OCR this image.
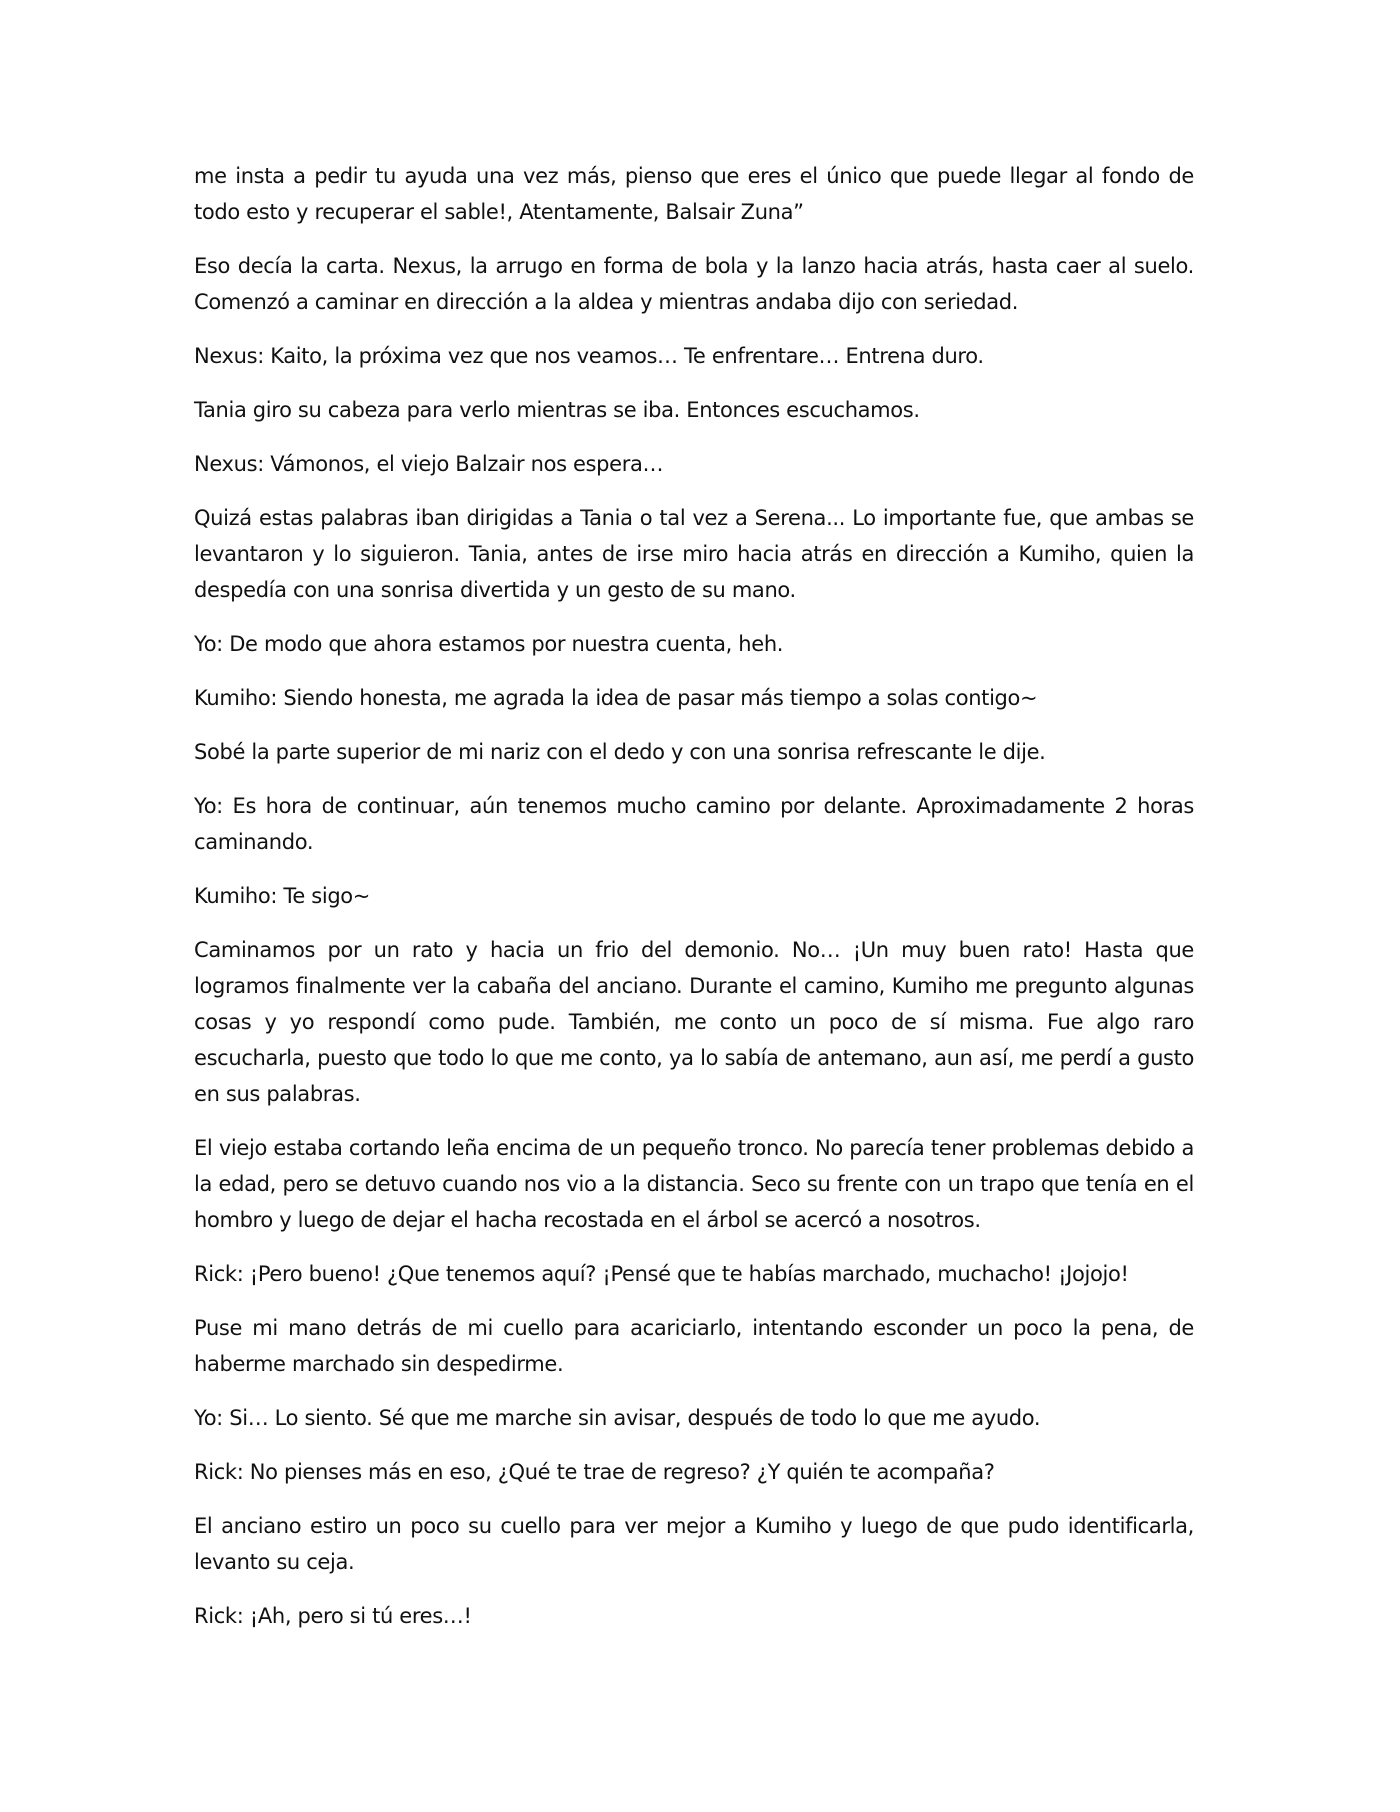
me insta a pedir tu ayuda una vez más, pienso que eres el único que puede llegar al fondo de todo esto y recuperar el sable!, Atentamente, Balsair Zuna”

Eso decía la carta. Nexus, la arrugo en forma de bola y la lanzo hacia atrás, hasta caer al suelo. Comenzó a caminar en dirección a la aldea y mientras andaba dijo con seriedad.

Nexus: Kaito, la próxima vez que nos veamos… Te enfrentare… Entrena duro.

Tania giro su cabeza para verlo mientras se iba. Entonces escuchamos.

Nexus: Vámonos, el viejo Balzair nos espera…

Quizá estas palabras iban dirigidas a Tania o tal vez a Serena... Lo importante fue, que ambas se levantaron y lo siguieron. Tania, antes de irse miro hacia atrás en dirección a Kumiho, quien la despedía con una sonrisa divertida y un gesto de su mano.

Yo: De modo que ahora estamos por nuestra cuenta, heh.

Kumiho: Siendo honesta, me agrada la idea de pasar más tiempo a solas contigo~

Sobé la parte superior de mi nariz con el dedo y con una sonrisa refrescante le dije.

Yo: Es hora de continuar, aún tenemos mucho camino por delante. Aproximadamente 2 horas caminando.

Kumiho: Te sigo~

Caminamos por un rato y hacia un frio del demonio. No… ¡Un muy buen rato! Hasta que logramos finalmente ver la cabaña del anciano. Durante el camino, Kumiho me pregunto algunas cosas y yo respondí como pude. También, me conto un poco de sí misma. Fue algo raro escucharla, puesto que todo lo que me conto, ya lo sabía de antemano, aun así, me perdí a gusto en sus palabras.

El viejo estaba cortando leña encima de un pequeño tronco. No parecía tener problemas debido a la edad, pero se detuvo cuando nos vio a la distancia. Seco su frente con un trapo que tenía en el hombro y luego de dejar el hacha recostada en el árbol se acercó a nosotros.

Rick: ¡Pero bueno! ¿Que tenemos aquí? ¡Pensé que te habías marchado, muchacho! ¡Jojojo!

Puse mi mano detrás de mi cuello para acariciarlo, intentando esconder un poco la pena, de haberme marchado sin despedirme.

Yo: Si… Lo siento. Sé que me marche sin avisar, después de todo lo que me ayudo.

Rick: No pienses más en eso, ¿Qué te trae de regreso? ¿Y quién te acompaña?

El anciano estiro un poco su cuello para ver mejor a Kumiho y luego de que pudo identificarla, levanto su ceja.

Rick: ¡Ah, pero si tú eres…!
